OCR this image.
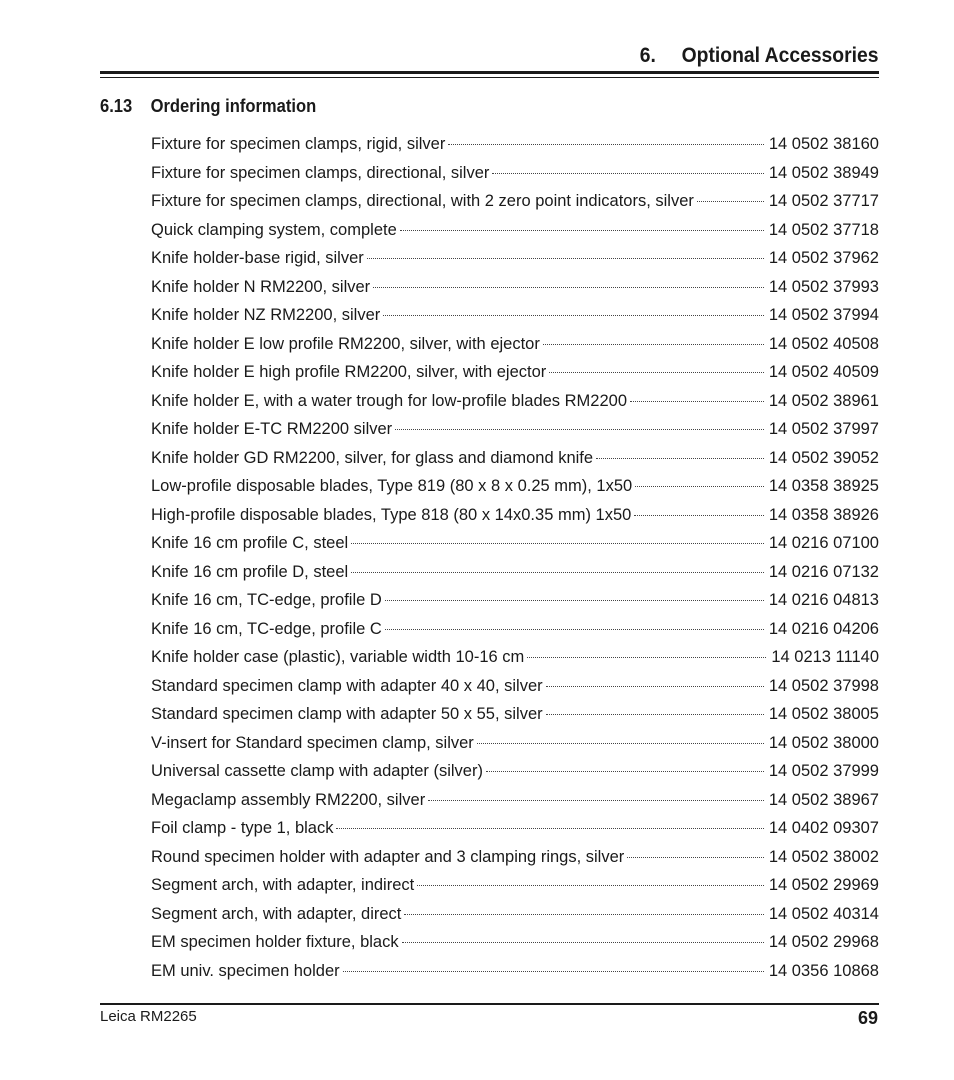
6. Optional Accessories
6.13 Ordering information
Fixture for specimen clamps, rigid, silver	14 0502 38160
Fixture for specimen clamps, directional, silver	14 0502 38949
Fixture for specimen clamps, directional, with 2 zero point indicators, silver	14 0502 37717
Quick clamping system, complete	14 0502 37718
Knife holder-base rigid, silver	14 0502 37962
Knife holder N RM2200, silver	14 0502 37993
Knife holder NZ RM2200, silver	14 0502 37994
Knife holder E low profile RM2200, silver, with ejector	14 0502 40508
Knife holder E high profile RM2200, silver, with ejector	14 0502 40509
Knife holder E, with a water trough for low-profile blades RM2200	14 0502 38961
Knife holder E-TC RM2200 silver	14 0502 37997
Knife holder GD RM2200, silver, for glass and diamond knife	14 0502 39052
Low-profile disposable blades, Type 819 (80 x 8 x 0.25 mm), 1x50	14 0358 38925
High-profile disposable blades, Type 818 (80 x 14x0.35 mm) 1x50	14 0358 38926
Knife 16 cm profile C, steel	14 0216 07100
Knife 16 cm profile D, steel	14 0216 07132
Knife 16 cm, TC-edge, profile D	14 0216 04813
Knife 16 cm, TC-edge, profile C	14 0216 04206
Knife holder case (plastic), variable width 10-16 cm	14 0213 11140
Standard specimen clamp with adapter 40 x 40, silver	14 0502 37998
Standard specimen clamp with adapter 50 x 55, silver	14 0502 38005
V-insert for Standard specimen clamp, silver	14 0502 38000
Universal cassette clamp with adapter (silver)	14 0502 37999
Megaclamp assembly RM2200, silver	14 0502 38967
Foil clamp - type 1, black	14 0402 09307
Round specimen holder with adapter and 3 clamping rings, silver	14 0502 38002
Segment arch, with adapter, indirect	14 0502 29969
Segment arch, with adapter, direct	14 0502 40314
EM specimen holder fixture, black	14 0502 29968
EM univ. specimen holder	14 0356 10868
Leica RM2265	69
